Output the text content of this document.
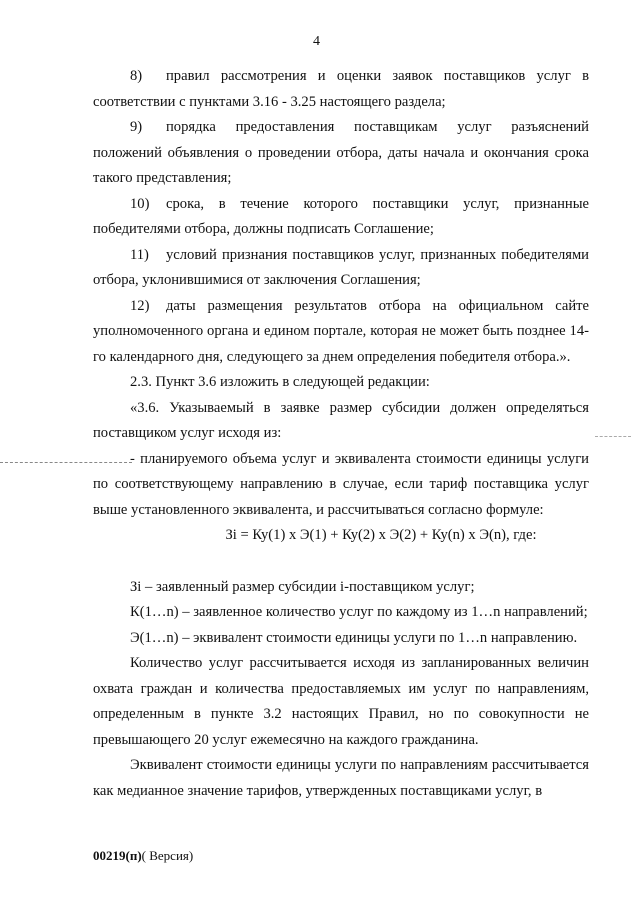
4

8) правил рассмотрения и оценки заявок поставщиков услуг в соответствии с пунктами 3.16 - 3.25 настоящего раздела;

9) порядка предоставления поставщикам услуг разъяснений положений объявления о проведении отбора, даты начала и окончания срока такого представления;

10) срока, в течение которого поставщики услуг, признанные победителями отбора, должны подписать Соглашение;

11) условий признания поставщиков услуг, признанных победителями отбора, уклонившимися от заключения Соглашения;

12) даты размещения результатов отбора на официальном сайте уполномоченного органа и едином портале, которая не может быть позднее 14-го календарного дня, следующего за днем определения победителя отбора.».

2.3. Пункт 3.6 изложить в следующей редакции:

«3.6. Указываемый в заявке размер субсидии должен определяться поставщиком услуг исходя из:

- планируемого объема услуг и эквивалента стоимости единицы услуги по соответствующему направлению в случае, если тариф поставщика услуг выше установленного эквивалента, и рассчитываться согласно формуле:

Зi = Ку(1) х Э(1) + Ку(2) х Э(2) + Ку(n) х Э(n), где:

Зi – заявленный размер субсидии i-поставщиком услуг;

К(1…n) – заявленное количество услуг по каждому из 1…n направлений;

Э(1…n) – эквивалент стоимости единицы услуги по 1…n направлению.

Количество услуг рассчитывается исходя из запланированных величин охвата граждан и количества предоставляемых им услуг по направлениям, определенным в пункте 3.2 настоящих Правил, но по совокупности не превышающего 20 услуг ежемесячно на каждого гражданина.

Эквивалент стоимости единицы услуги по направлениям рассчитывается как медианное значение тарифов, утвержденных поставщиками услуг, в

00219(п)( Версия)
